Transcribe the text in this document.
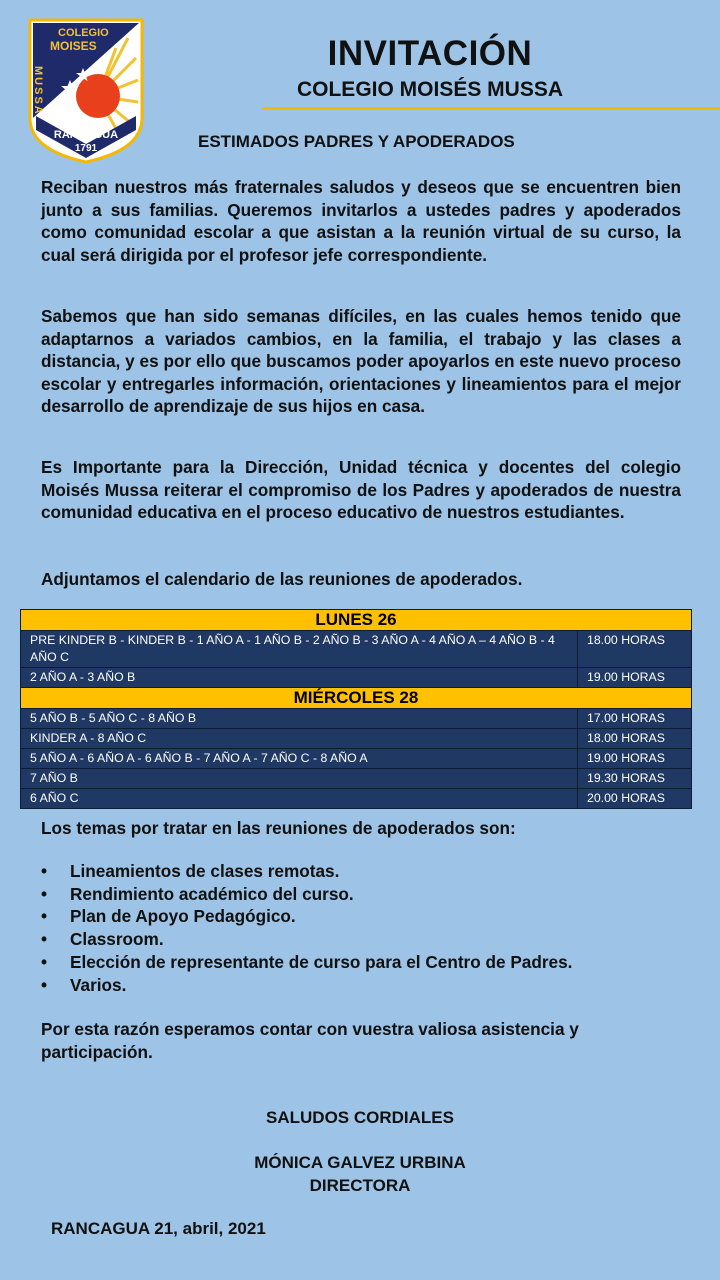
COLEGIO
MOISES
MUSSA
RANCAGUA
1791
INVITACIÓN
COLEGIO MOISÉS MUSSA
ESTIMADOS PADRES Y APODERADOS

Reciban nuestros más fraternales saludos y deseos que se encuentren bien junto a sus familias. Queremos invitarlos a ustedes padres y apoderados como comunidad escolar a que asistan a la reunión virtual de su curso, la cual será dirigida por el profesor jefe correspondiente.

Sabemos que han sido semanas difíciles, en las cuales hemos tenido que adaptarnos a variados cambios, en la familia, el trabajo y las clases a distancia, y es por ello que buscamos poder apoyarlos en este nuevo proceso escolar y entregarles información, orientaciones y lineamientos para el mejor desarrollo de aprendizaje de sus hijos en casa.

Es Importante para la Dirección, Unidad técnica y docentes del colegio Moisés Mussa reiterar el compromiso de los Padres y apoderados de nuestra comunidad educativa en el proceso educativo de nuestros estudiantes.

Adjuntamos el calendario de las reuniones de apoderados.

LUNES 26	
PRE KINDER B - KINDER B - 1 AÑO A - 1 AÑO B - 2 AÑO B - 3 AÑO A - 4 AÑO A – 4 AÑO B - 4 AÑO C	18.00 HORAS
2 AÑO A - 3 AÑO B	19.00 HORAS
MIÉRCOLES 28	
5 AÑO B - 5 AÑO C - 8 AÑO B	17.00 HORAS
KINDER A - 8 AÑO C	18.00 HORAS
5 AÑO A - 6 AÑO A - 6 AÑO B - 7 AÑO A - 7 AÑO C - 8 AÑO A	19.00 HORAS
7 AÑO B	19.30 HORAS
6 AÑO C	20.00 HORAS
Los temas por tratar en las reuniones de apoderados son:
• Lineamientos de clases remotas.
• Rendimiento académico del curso.
• Plan de Apoyo Pedagógico.
• Classroom.
• Elección de representante de curso para el Centro de Padres.
• Varios.
Por esta razón esperamos contar con vuestra valiosa asistencia y participación.
SALUDOS CORDIALES
MÓNICA GALVEZ URBINA
DIRECTORA
RANCAGUA 21, abril, 2021
